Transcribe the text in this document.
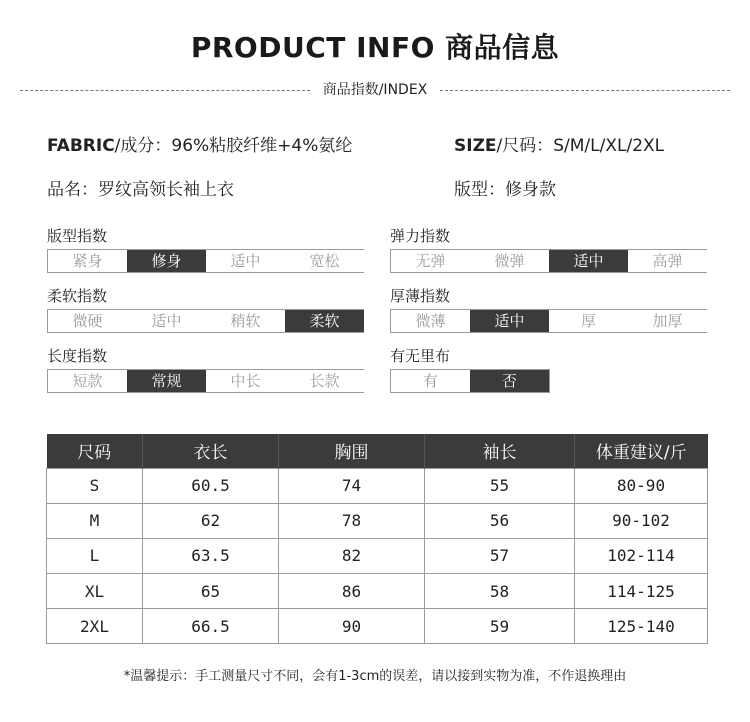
PRODUCT INFO 商品信息
商品指数/INDEX
FABRIC/成分：96%粘胶纤维+4%氨纶	SIZE/尺码：S/M/L/XL/2XL
品名：罗纹高领长袖上衣	版型：修身款
版型指数
紧身	修身	适中	宽松
弹力指数
无弹	微弹	适中	高弹
柔软指数
微硬	适中	稍软	柔软
厚薄指数
微薄	适中	厚	加厚
长度指数
短款	常规	中长	长款
有无里布
有	否
尺码	衣长	胸围	袖长	体重建议/斤
S	60.5	74	55	80-90
M	62	78	56	90-102
L	63.5	82	57	102-114
XL	65	86	58	114-125
2XL	66.5	90	59	125-140
*温馨提示：手工测量尺寸不同，会有1-3cm的误差，请以接到实物为准，不作退换理由
